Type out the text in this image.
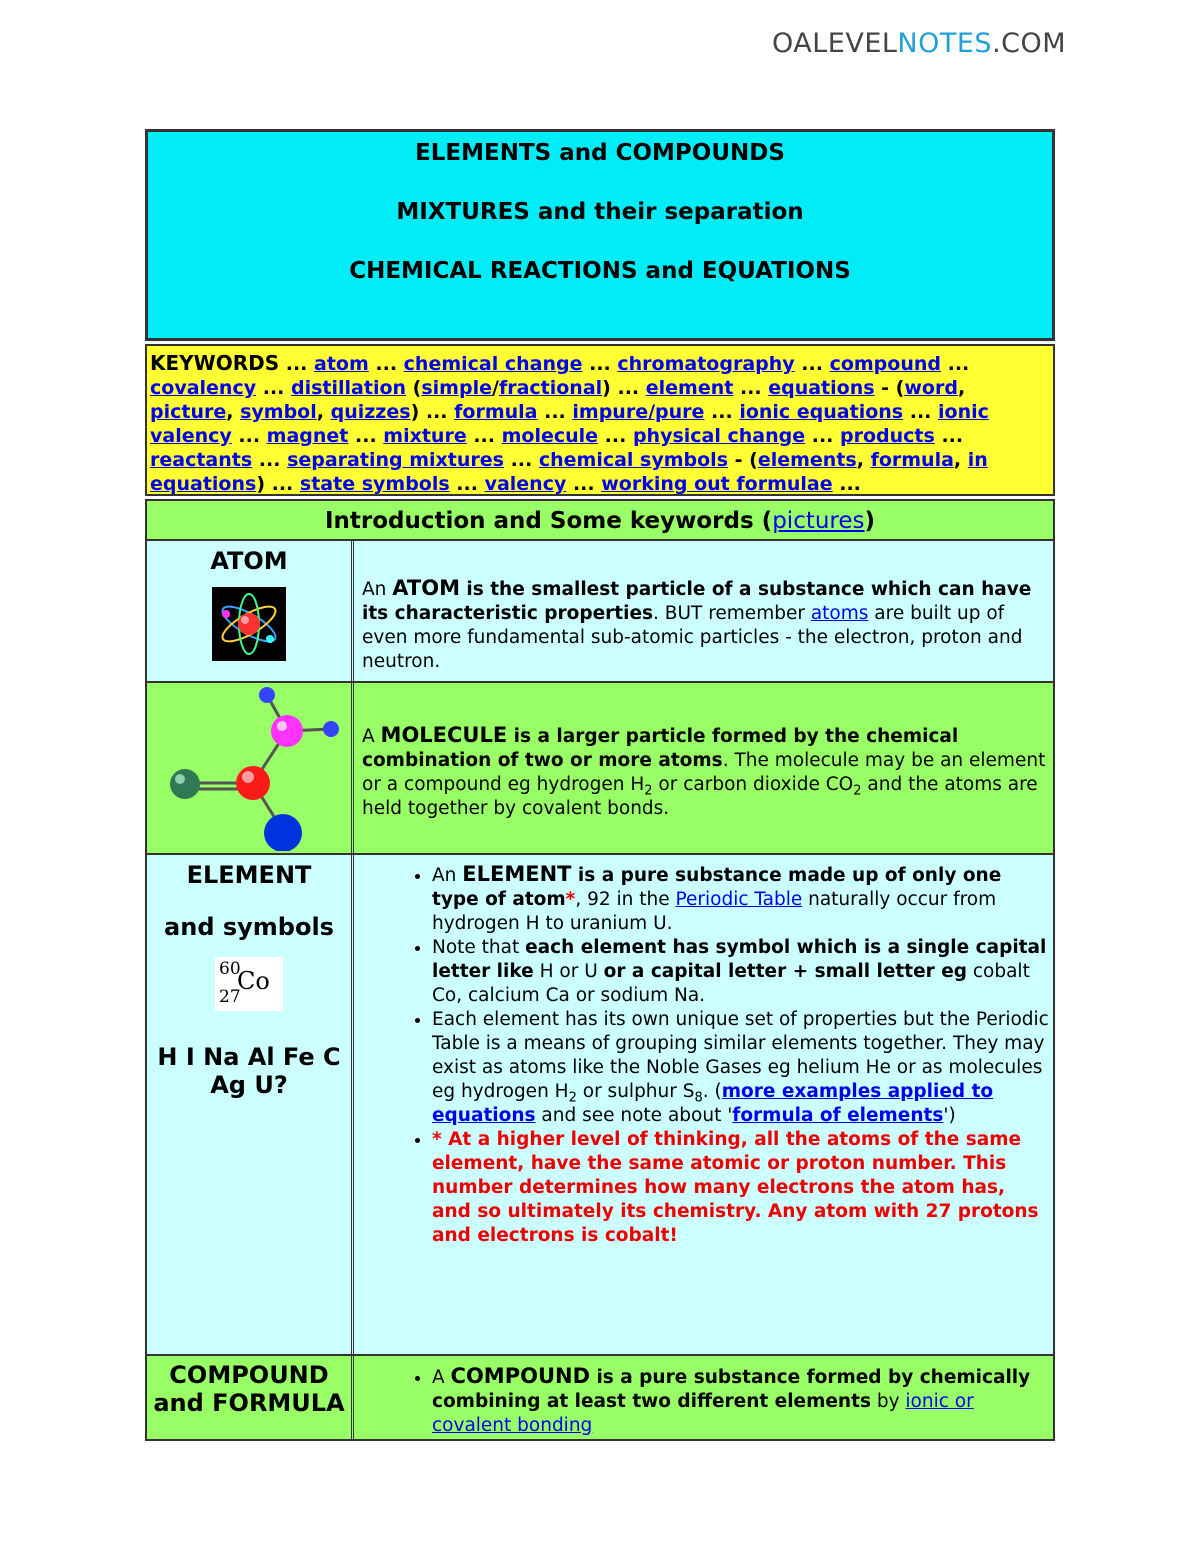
OALEVELNOTES.COM
ELEMENTS and COMPOUNDS
MIXTURES and their separation
CHEMICAL REACTIONS and EQUATIONS
KEYWORDS ... atom ... chemical change ... chromatography ... compound ... covalency ... distillation (simple/fractional) ... element ... equations - (word, picture, symbol, quizzes) ... formula ... impure/pure ... ionic equations ... ionic valency ... magnet ... mixture ... molecule ... physical change ... products ... reactants ... separating mixtures ... chemical symbols - (elements, formula, in equations) ... state symbols ... valency ... working out formulae ...
Introduction and Some keywords (pictures)
ATOM
An ATOM is the smallest particle of a substance which can have its characteristic properties. BUT remember atoms are built up of even more fundamental sub-atomic particles - the electron, proton and neutron.
A MOLECULE is a larger particle formed by the chemical combination of two or more atoms. The molecule may be an element or a compound eg hydrogen $H_2$ or carbon dioxide $CO_2$ and the atoms are held together by covalent bonds.
ELEMENT
and symbols
60
27
Co
H I Na Al Fe C
Ag U?
• An ELEMENT is a pure substance made up of only one type of atom*, 92 in the Periodic Table naturally occur from hydrogen H to uranium U.
• Note that each element has symbol which is a single capital letter like H or U or a capital letter + small letter eg cobalt Co, calcium Ca or sodium Na.
• Each element has its own unique set of properties but the Periodic Table is a means of grouping similar elements together. They may exist as atoms like the Noble Gases eg helium He or as molecules eg hydrogen $H_2$ or sulphur $S_8$. (more examples applied to equations and see note about 'formula of elements')
• * At a higher level of thinking, all the atoms of the same element, have the same atomic or proton number. This number determines how many electrons the atom has, and so ultimately its chemistry. Any atom with 27 protons and electrons is cobalt!
COMPOUND
and FORMULA
• A COMPOUND is a pure substance formed by chemically combining at least two different elements by ionic or covalent bonding
